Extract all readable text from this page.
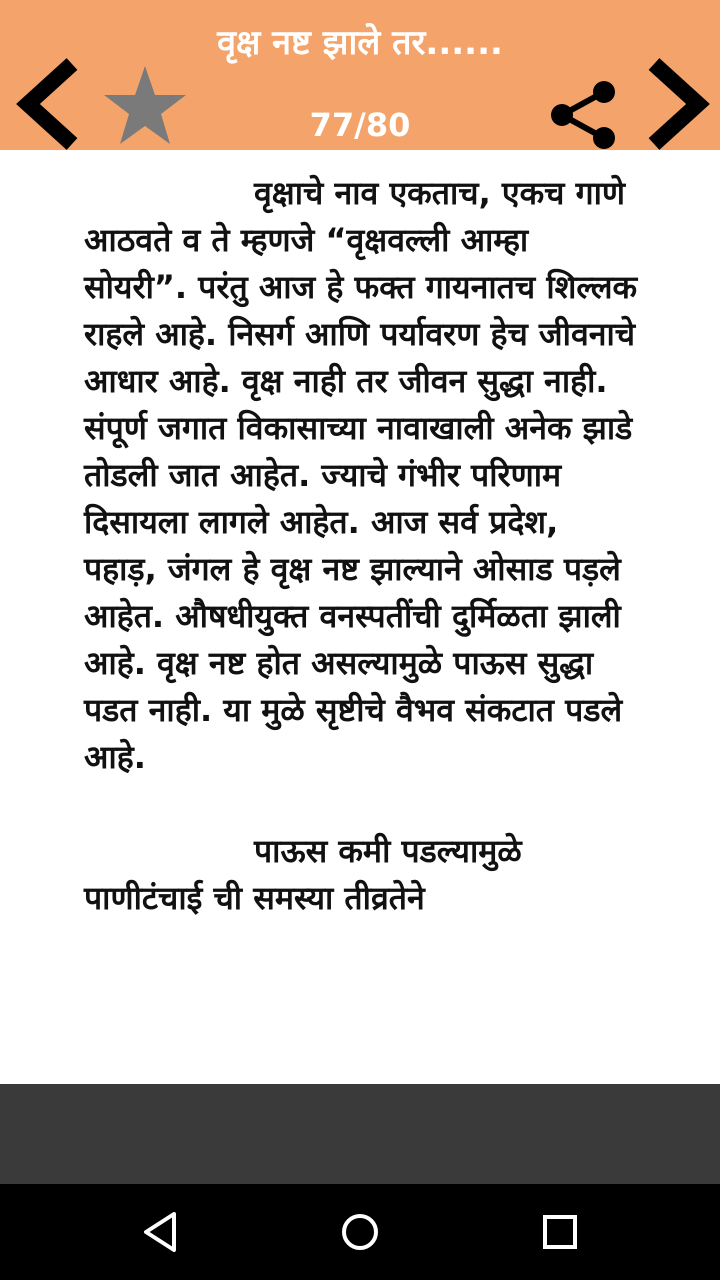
वृक्ष नष्ट झाले तर......
77/80

वृक्षाचे नाव एकताच, एकच गाणे आठवते व ते म्हणजे “वृक्षवल्ली आम्हा सोयरी”. परंतु आज हे फक्त गायनातच शिल्लक राहले आहे. निसर्ग आणि पर्यावरण हेच जीवनाचे आधार आहे. वृक्ष नाही तर जीवन सुद्धा नाही. संपूर्ण जगात विकासाच्या नावाखाली अनेक झाडे तोडली जात आहेत. ज्याचे गंभीर परिणाम दिसायला लागले आहेत. आज सर्व प्रदेश, पहाड़, जंगल हे वृक्ष नष्ट झाल्याने ओसाड पड़ले आहेत. औषधीयुक्त वनस्पतींची दुर्मिळता झाली आहे. वृक्ष नष्ट होत असल्यामुळे पाऊस सुद्धा पडत नाही. या मुळे सृष्टीचे वैभव संकटात पडले आहे.

पाऊस कमी पडल्यामुळे पाणीटंचाई ची समस्या तीव्रतेने
